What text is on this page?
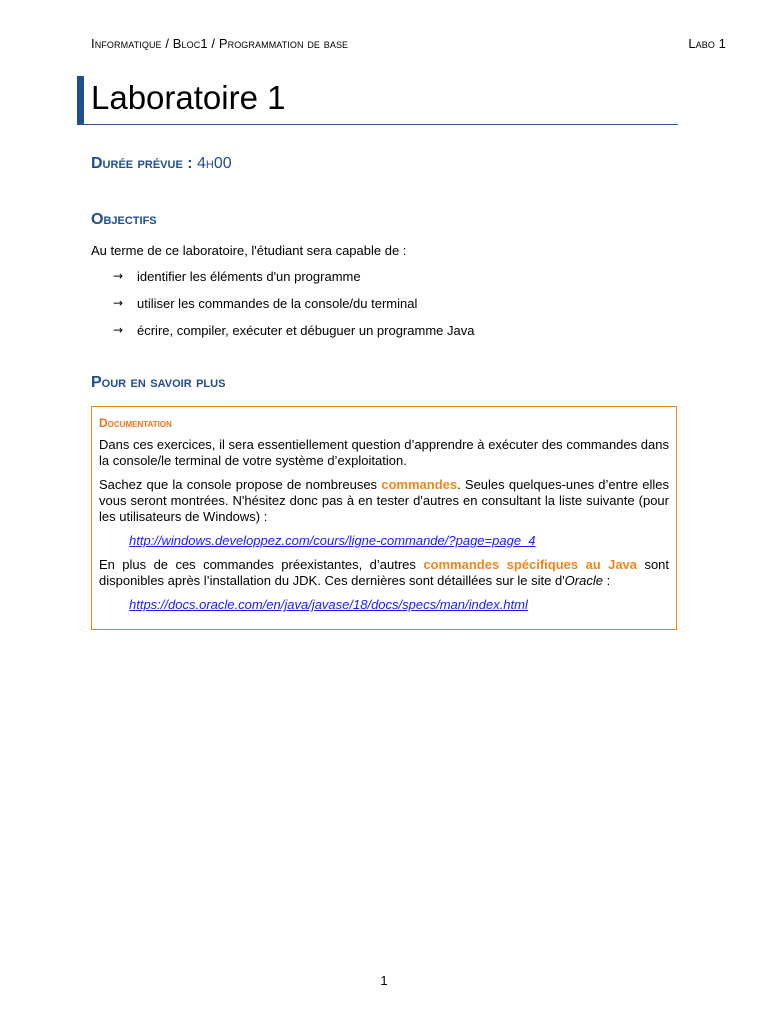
Informatique / Bloc1 / Programmation de base	Labo 1
Laboratoire 1
Durée prévue : 4h00
Objectifs

Au terme de ce laboratoire, l'étudiant sera capable de :

→	identifier les éléments d'un programme
→	utiliser les commandes de la console/du terminal
→	écrire, compiler, exécuter et débuguer un programme Java
Pour en savoir plus
Documentation

Dans ces exercices, il sera essentiellement question d’apprendre à exécuter des commandes dans la console/le terminal de votre système d’exploitation.

Sachez que la console propose de nombreuses commandes. Seules quelques-unes d’entre elles vous seront montrées. N'hésitez donc pas à en tester d'autres en consultant la liste suivante (pour les utilisateurs de Windows) :

http://windows.developpez.com/cours/ligne-commande/?page=page_4

En plus de ces commandes préexistantes, d’autres commandes spécifiques au Java sont disponibles après l’installation du JDK. Ces dernières sont détaillées sur le site d'Oracle :

https://docs.oracle.com/en/java/javase/18/docs/specs/man/index.html
1
